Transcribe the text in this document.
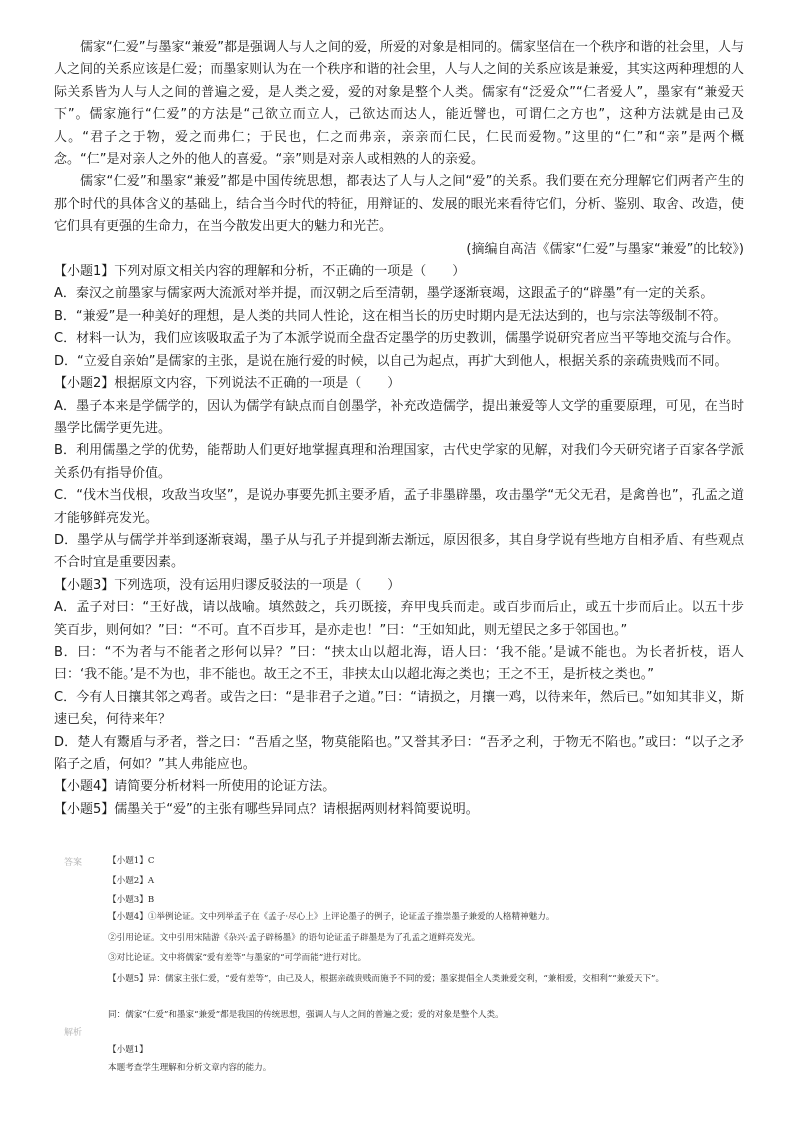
儒家“仁爱”与墨家“兼爱”都是强调人与人之间的爱，所爱的对象是相同的。儒家坚信在一个秩序和谐的社会里，人与人之间的关系应该是仁爱；而墨家则认为在一个秩序和谐的社会里，人与人之间的关系应该是兼爱，其实这两种理想的人际关系皆为人与人之间的普遍之爱，是人类之爱，爱的对象是整个人类。儒家有“泛爱众”“仁者爱人”，墨家有“兼爱天下”。儒家施行“仁爱”的方法是“己欲立而立人，己欲达而达人，能近譬也，可谓仁之方也”，这种方法就是由己及人。“君子之于物，爱之而弗仁；于民也，仁之而弗亲，亲亲而仁民，仁民而爱物。”这里的“仁”和“亲”是两个概念。“仁”是对亲人之外的他人的喜爱。“亲”则是对亲人或相熟的人的亲爱。

儒家“仁爱”和墨家“兼爱”都是中国传统思想，都表达了人与人之间“爱”的关系。我们要在充分理解它们两者产生的那个时代的具体含义的基础上，结合当今时代的特征，用辩证的、发展的眼光来看待它们，分析、鉴别、取舍、改造，使它们具有更强的生命力，在当今散发出更大的魅力和光芒。

(摘编自高洁《儒家“仁爱”与墨家“兼爱”的比较》)

【小题1】下列对原文相关内容的理解和分析，不正确的一项是（　　）

A．秦汉之前墨家与儒家两大流派对举并提，而汉朝之后至清朝，墨学逐渐衰竭，这跟孟子的“辟墨”有一定的关系。

B．“兼爱”是一种美好的理想，是人类的共同人性论，这在相当长的历史时期内是无法达到的，也与宗法等级制不符。

C．材料一认为，我们应该吸取孟子为了本派学说而全盘否定墨学的历史教训，儒墨学说研究者应当平等地交流与合作。

D．“立爱自亲始”是儒家的主张，是说在施行爱的时候，以自己为起点，再扩大到他人，根据关系的亲疏贵贱而不同。

【小题2】根据原文内容，下列说法不正确的一项是（　　）

A．墨子本来是学儒学的，因认为儒学有缺点而自创墨学，补充改造儒学，提出兼爱等人文学的重要原理，可见，在当时墨学比儒学更先进。

B．利用儒墨之学的优势，能帮助人们更好地掌握真理和治理国家，古代史学家的见解，对我们今天研究诸子百家各学派关系仍有指导价值。

C．“伐木当伐根，攻敌当攻坚”，是说办事要先抓主要矛盾，孟子非墨辟墨，攻击墨学“无父无君，是禽兽也”，孔孟之道才能够鲜亮发光。

D．墨学从与儒学并举到逐渐衰竭，墨子从与孔子并提到渐去渐远，原因很多，其自身学说有些地方自相矛盾、有些观点不合时宜是重要因素。

【小题3】下列选项，没有运用归谬反驳法的一项是（　　）

A．孟子对曰：“王好战，请以战喻。填然鼓之，兵刃既接，弃甲曳兵而走。或百步而后止，或五十步而后止。以五十步笑百步，则何如？”曰：“不可。直不百步耳，是亦走也！”曰：“王如知此，则无望民之多于邻国也。”

B．曰：“不为者与不能者之形何以异？”曰：“挟太山以超北海，语人曰：‘我不能。’是诚不能也。为长者折枝，语人曰：‘我不能。’是不为也，非不能也。故王之不王，非挟太山以超北海之类也；王之不王，是折枝之类也。”

C．今有人日攘其邻之鸡者。或告之曰：“是非君子之道。”曰：“请损之，月攘一鸡，以待来年，然后已。”如知其非义，斯速已矣，何待来年？

D．楚人有鬻盾与矛者，誉之曰：“吾盾之坚，物莫能陷也。”又誉其矛曰：“吾矛之利，于物无不陷也。”或曰：“以子之矛陷子之盾，何如？”其人弗能应也。

【小题4】请简要分析材料一所使用的论证方法。

【小题5】儒墨关于“爱”的主张有哪些异同点？请根据两则材料简要说明。

答案	【小题1】C
【小题2】A
【小题3】B
【小题4】①举例论证。文中列举孟子在《孟子·尽心上》上评论墨子的例子，论证孟子推崇墨子兼爱的人格精神魅力。
②引用论证。文中引用宋陆游《杂兴·孟子辟杨墨》的语句论证孟子辟墨是为了孔孟之道鲜亮发光。
③对比论证。文中将儒家“爱有差等”与墨家的“可学而能”进行对比。
【小题5】异：儒家主张仁爱，“爱有差等”，由己及人，根据亲疏贵贱而施予不同的爱；墨家提倡全人类兼爱交利，“兼相爱，交相利”“兼爱天下”。
同：儒家“仁爱”和墨家“兼爱”都是我国的传统思想，强调人与人之间的普遍之爱；爱的对象是整个人类。
解析
【小题1】
本题考查学生理解和分析文章内容的能力。
